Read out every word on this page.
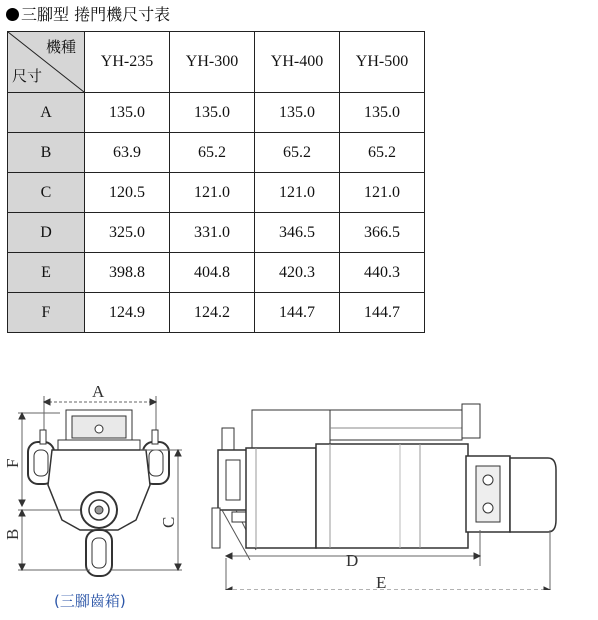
三腳型 捲門機尺寸表
機種
尺寸	YH-235	YH-300	YH-400	YH-500
A	135.0	135.0	135.0	135.0
B	63.9	65.2	65.2	65.2
C	120.5	121.0	121.0	121.0
D	325.0	331.0	346.5	366.5
E	398.8	404.8	420.3	440.3
F	124.9	124.2	144.7	144.7
A
F
B
C
D
E
(三腳齒箱)
